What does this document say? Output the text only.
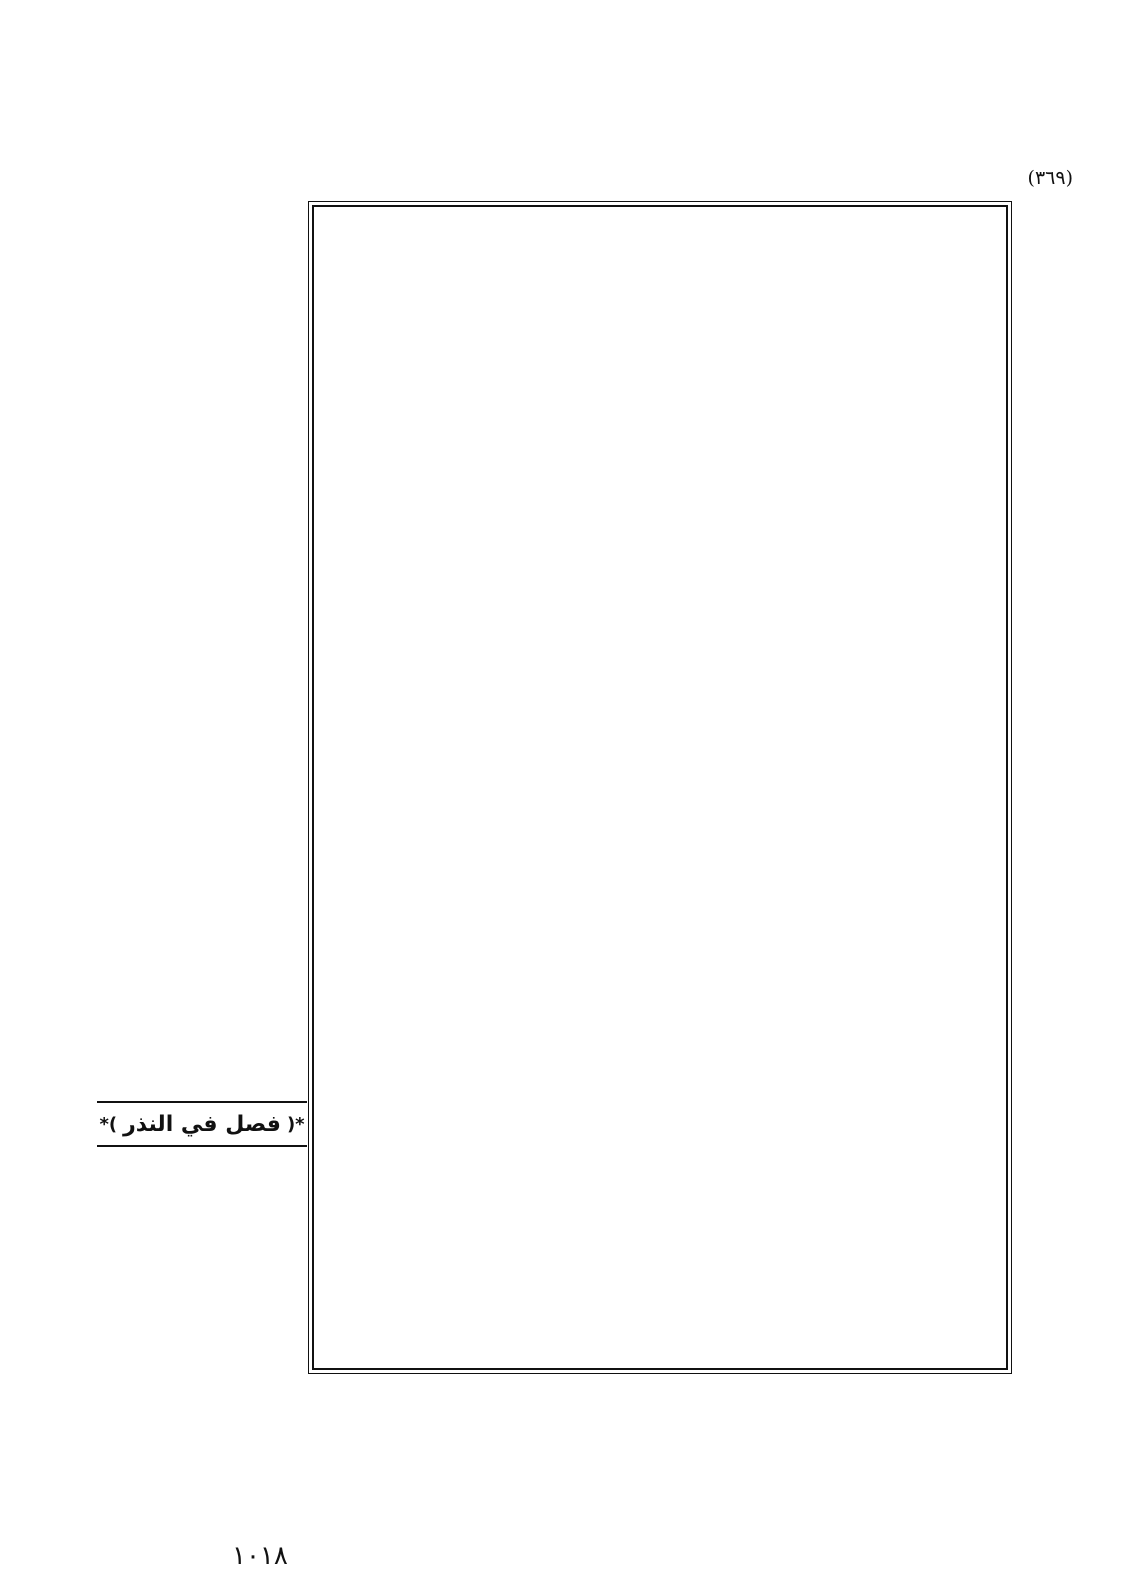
(٣٦٩)
*(
فصل في النذر
)*
١٠١٨
